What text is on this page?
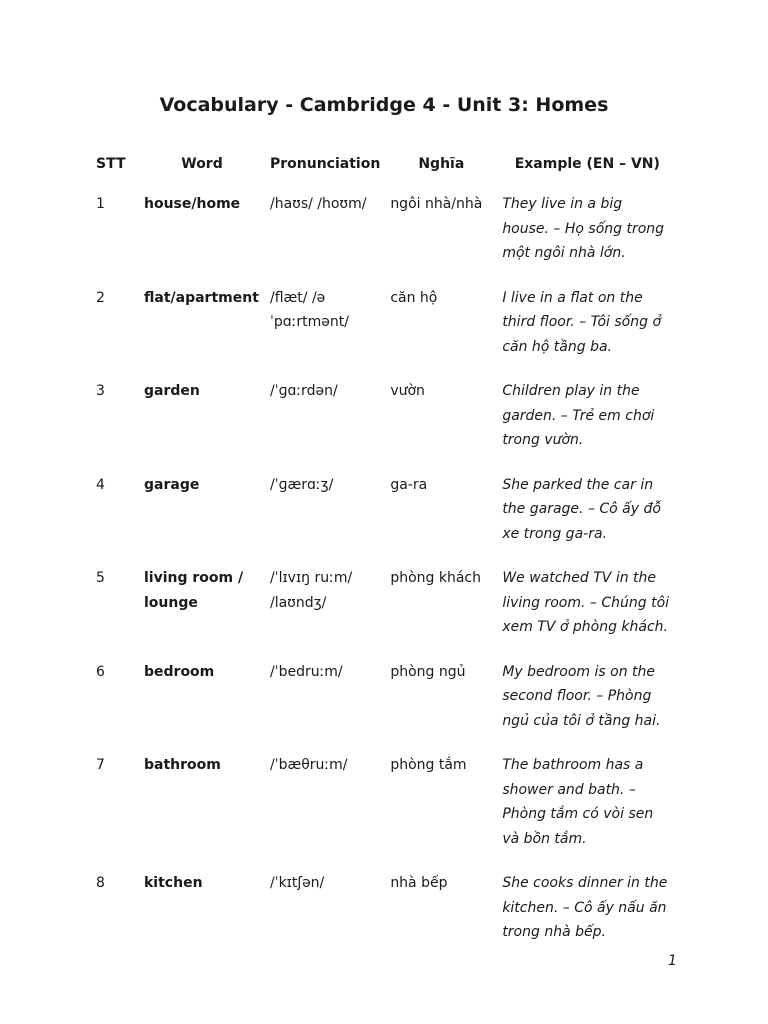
Vocabulary - Cambridge 4 - Unit 3: Homes
STT	Word	Pronunciation	Nghĩa	Example (EN – VN)
1	house/home	/haʊs/ /hoʊm/	ngôi nhà/nhà	They live in a big house. – Họ sống trong một ngôi nhà lớn.
2	flat/apartment	/flæt/ /əˈpɑːrtmənt/	căn hộ	I live in a flat on the third floor. – Tôi sống ở căn hộ tầng ba.
3	garden	/ˈɡɑːrdən/	vườn	Children play in the garden. – Trẻ em chơi trong vườn.
4	garage	/ˈɡærɑːʒ/	ga-ra	She parked the car in the garage. – Cô ấy đỗ xe trong ga-ra.
5	living room / lounge	/ˈlɪvɪŋ ruːm/ /laʊndʒ/	phòng khách	We watched TV in the living room. – Chúng tôi xem TV ở phòng khách.
6	bedroom	/ˈbedruːm/	phòng ngủ	My bedroom is on the second floor. – Phòng ngủ của tôi ở tầng hai.
7	bathroom	/ˈbæθruːm/	phòng tắm	The bathroom has a shower and bath. – Phòng tắm có vòi sen và bồn tắm.
8	kitchen	/ˈkɪtʃən/	nhà bếp	She cooks dinner in the kitchen. – Cô ấy nấu ăn trong nhà bếp.
1
